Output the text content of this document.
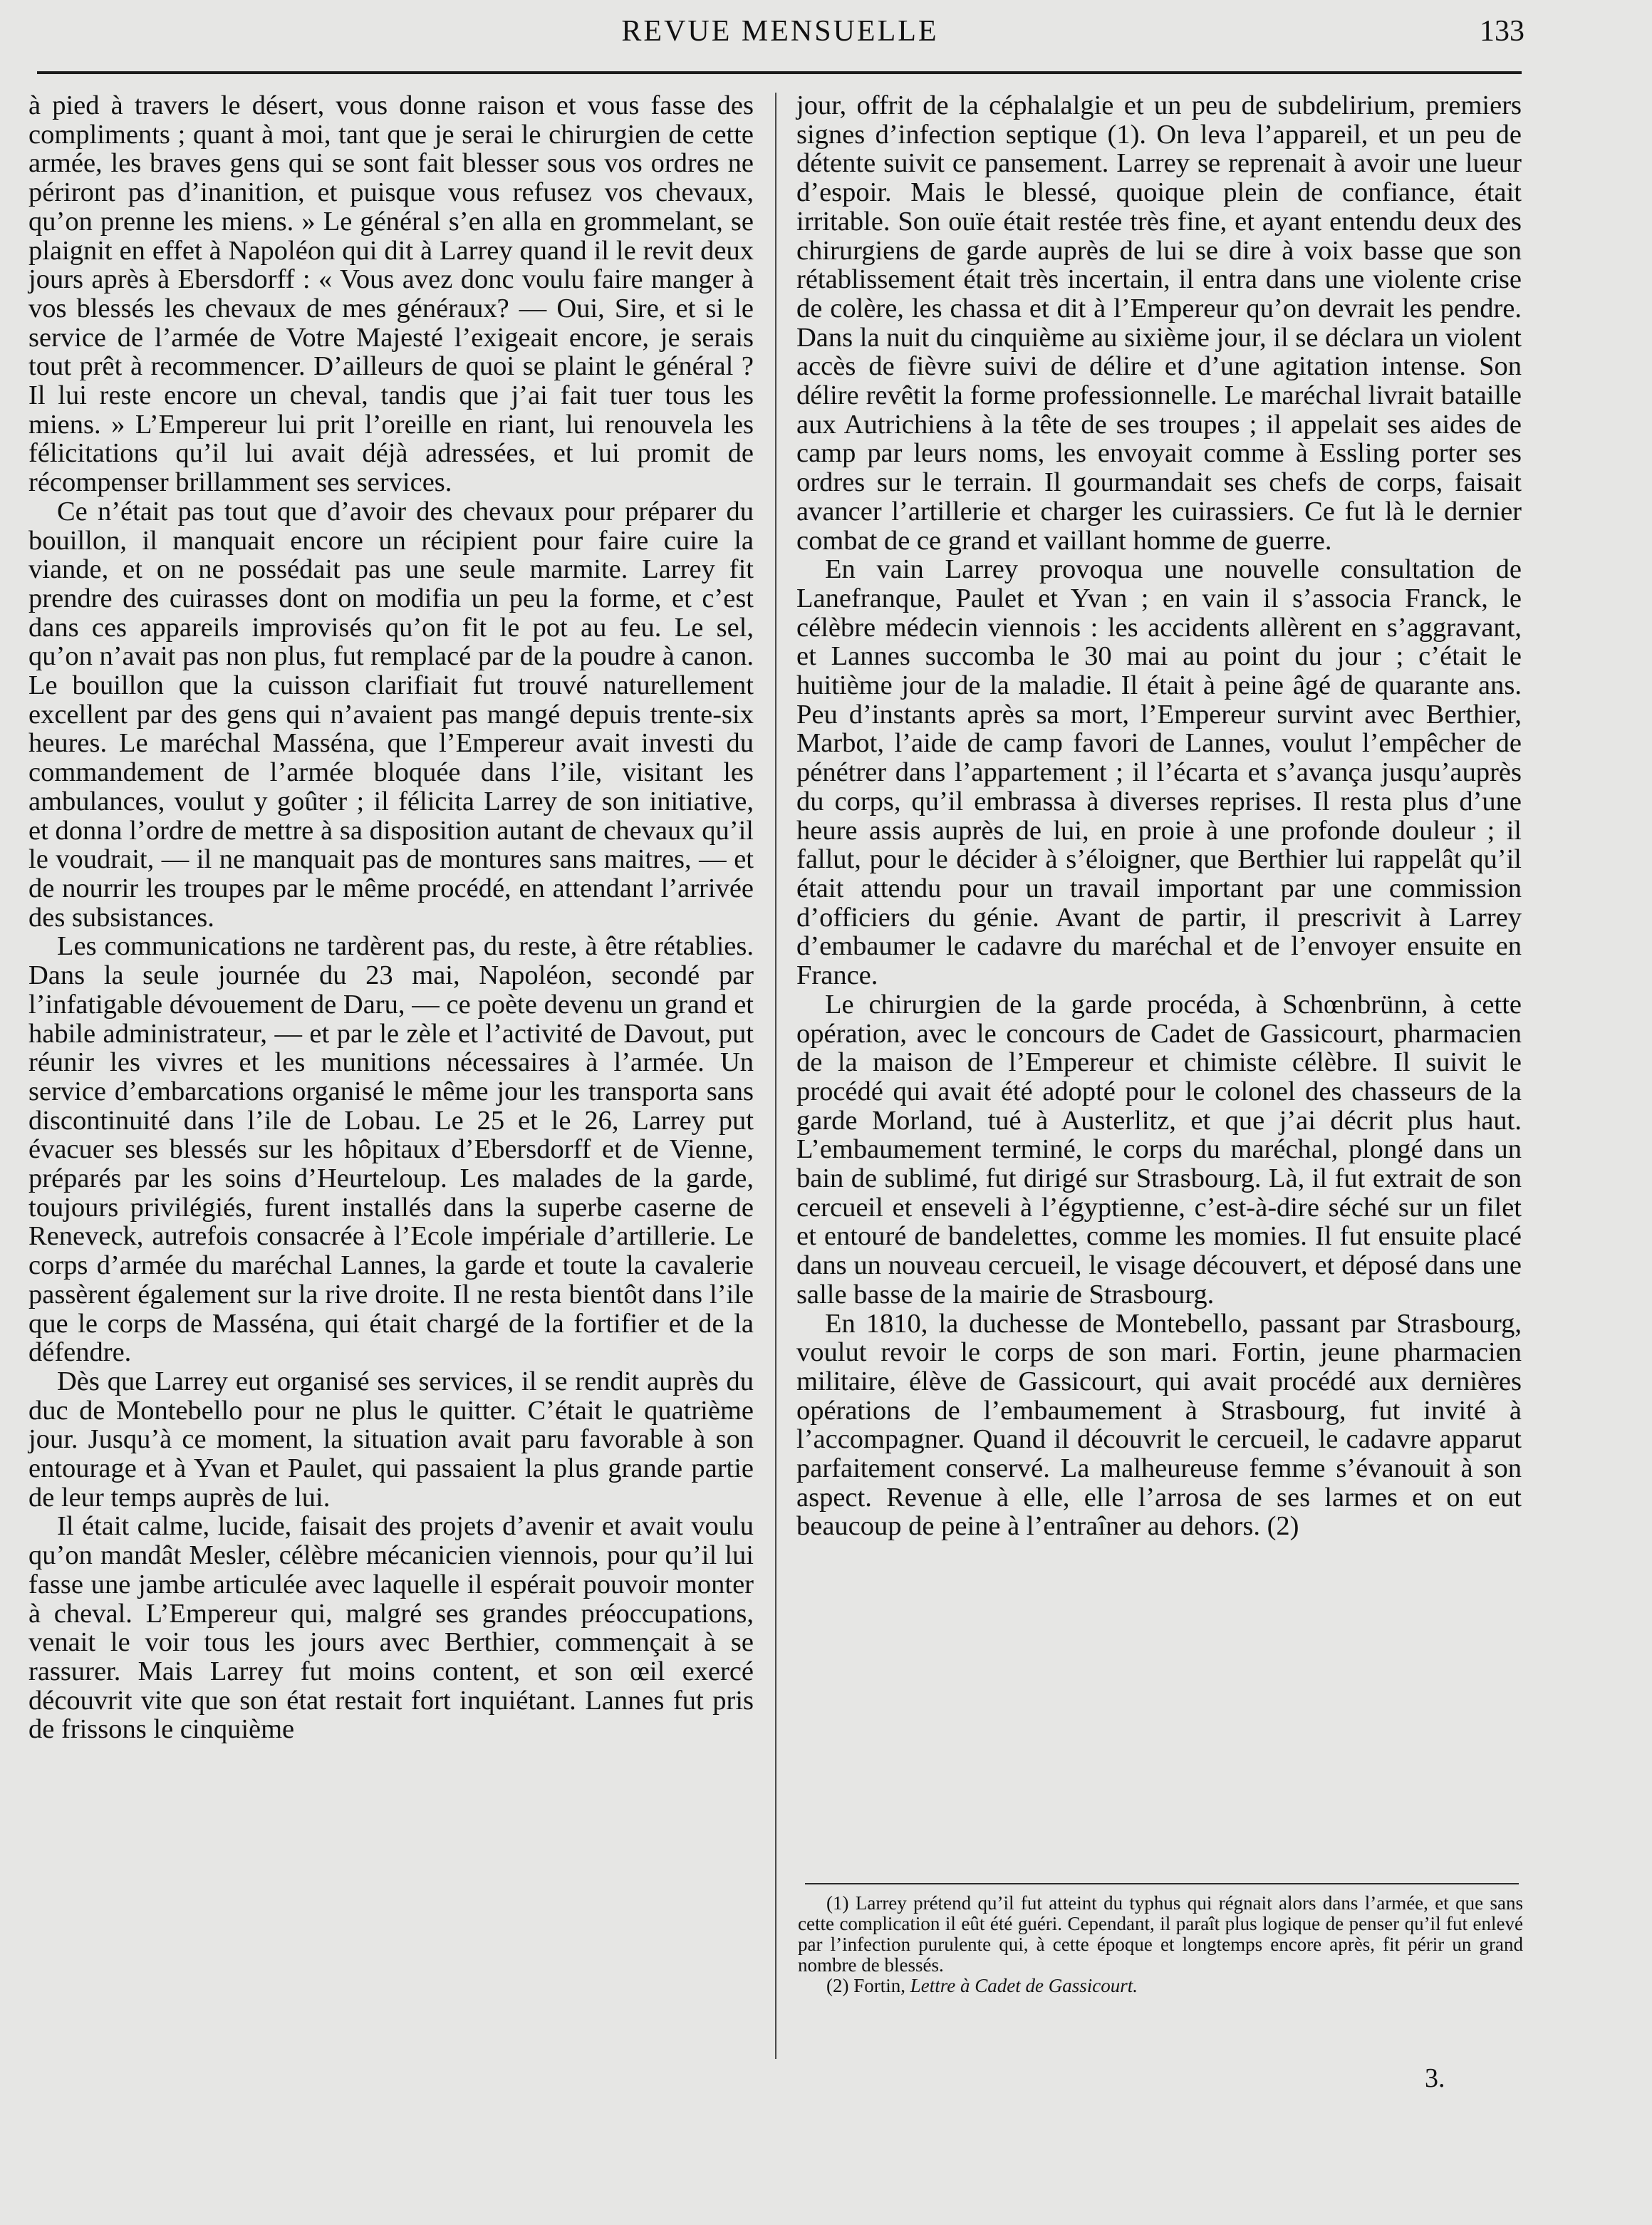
REVUE MENSUELLE	133

à pied à travers le désert, vous donne raison et vous fasse des compliments ; quant à moi, tant que je serai le chirurgien de cette armée, les braves gens qui se sont fait blesser sous vos ordres ne périront pas d’inanition, et puisque vous refusez vos chevaux, qu’on prenne les miens. » Le général s’en alla en grommelant, se plaignit en effet à Napoléon qui dit à Larrey quand il le revit deux jours après à Ebersdorff : « Vous avez donc voulu faire manger à vos blessés les chevaux de mes généraux? — Oui, Sire, et si le service de l’armée de Votre Majesté l’exigeait encore, je serais tout prêt à recommencer. D’ailleurs de quoi se plaint le général ? Il lui reste encore un cheval, tandis que j’ai fait tuer tous les miens. » L’Empereur lui prit l’oreille en riant, lui renouvela les félicitations qu’il lui avait déjà adressées, et lui promit de récompenser brillamment ses services.

Ce n’était pas tout que d’avoir des chevaux pour préparer du bouillon, il manquait encore un récipient pour faire cuire la viande, et on ne possédait pas une seule marmite. Larrey fit prendre des cuirasses dont on modifia un peu la forme, et c’est dans ces appareils improvisés qu’on fit le pot au feu. Le sel, qu’on n’avait pas non plus, fut remplacé par de la poudre à canon. Le bouillon que la cuisson clarifiait fut trouvé naturellement excellent par des gens qui n’avaient pas mangé depuis trente-six heures. Le maréchal Masséna, que l’Empereur avait investi du commandement de l’armée bloquée dans l’ile, visitant les ambulances, voulut y goûter ; il félicita Larrey de son initiative, et donna l’ordre de mettre à sa disposition autant de chevaux qu’il le voudrait, — il ne manquait pas de montures sans maitres, — et de nourrir les troupes par le même procédé, en attendant l’arrivée des subsistances.

Les communications ne tardèrent pas, du reste, à être rétablies. Dans la seule journée du 23 mai, Napoléon, secondé par l’infatigable dévouement de Daru, — ce poète devenu un grand et habile administrateur, — et par le zèle et l’activité de Davout, put réunir les vivres et les munitions nécessaires à l’armée. Un service d’embarcations organisé le même jour les transporta sans discontinuité dans l’ile de Lobau. Le 25 et le 26, Larrey put évacuer ses blessés sur les hôpitaux d’Ebersdorff et de Vienne, préparés par les soins d’Heurteloup. Les malades de la garde, toujours privilégiés, furent installés dans la superbe caserne de Reneveck, autrefois consacrée à l’Ecole impériale d’artillerie. Le corps d’armée du maréchal Lannes, la garde et toute la cavalerie passèrent également sur la rive droite. Il ne resta bientôt dans l’ile que le corps de Masséna, qui était chargé de la fortifier et de la défendre.

Dès que Larrey eut organisé ses services, il se rendit auprès du duc de Montebello pour ne plus le quitter. C’était le quatrième jour. Jusqu’à ce moment, la situation avait paru favorable à son entourage et à Yvan et Paulet, qui passaient la plus grande partie de leur temps auprès de lui.

Il était calme, lucide, faisait des projets d’avenir et avait voulu qu’on mandât Mesler, célèbre mécanicien viennois, pour qu’il lui fasse une jambe articulée avec laquelle il espérait pouvoir monter à cheval. L’Empereur qui, malgré ses grandes préoccupations, venait le voir tous les jours avec Berthier, commençait à se rassurer. Mais Larrey fut moins content, et son œil exercé découvrit vite que son état restait fort inquiétant. Lannes fut pris de frissons le cinquième

jour, offrit de la céphalalgie et un peu de subdelirium, premiers signes d’infection septique (1). On leva l’appareil, et un peu de détente suivit ce pansement. Larrey se reprenait à avoir une lueur d’espoir. Mais le blessé, quoique plein de confiance, était irritable. Son ouïe était restée très fine, et ayant entendu deux des chirurgiens de garde auprès de lui se dire à voix basse que son rétablissement était très incertain, il entra dans une violente crise de colère, les chassa et dit à l’Empereur qu’on devrait les pendre. Dans la nuit du cinquième au sixième jour, il se déclara un violent accès de fièvre suivi de délire et d’une agitation intense. Son délire revêtit la forme professionnelle. Le maréchal livrait bataille aux Autrichiens à la tête de ses troupes ; il appelait ses aides de camp par leurs noms, les envoyait comme à Essling porter ses ordres sur le terrain. Il gourmandait ses chefs de corps, faisait avancer l’artillerie et charger les cuirassiers. Ce fut là le dernier combat de ce grand et vaillant homme de guerre.

En vain Larrey provoqua une nouvelle consultation de Lanefranque, Paulet et Yvan ; en vain il s’associa Franck, le célèbre médecin viennois : les accidents allèrent en s’aggravant, et Lannes succomba le 30 mai au point du jour ; c’était le huitième jour de la maladie. Il était à peine âgé de quarante ans. Peu d’instants après sa mort, l’Empereur survint avec Berthier, Marbot, l’aide de camp favori de Lannes, voulut l’empêcher de pénétrer dans l’appartement ; il l’écarta et s’avança jusqu’auprès du corps, qu’il embrassa à diverses reprises. Il resta plus d’une heure assis auprès de lui, en proie à une profonde douleur ; il fallut, pour le décider à s’éloigner, que Berthier lui rappelât qu’il était attendu pour un travail important par une commission d’officiers du génie. Avant de partir, il prescrivit à Larrey d’embaumer le cadavre du maréchal et de l’envoyer ensuite en France.

Le chirurgien de la garde procéda, à Schœnbrünn, à cette opération, avec le concours de Cadet de Gassicourt, pharmacien de la maison de l’Empereur et chimiste célèbre. Il suivit le procédé qui avait été adopté pour le colonel des chasseurs de la garde Morland, tué à Austerlitz, et que j’ai décrit plus haut. L’embaumement terminé, le corps du maréchal, plongé dans un bain de sublimé, fut dirigé sur Strasbourg. Là, il fut extrait de son cercueil et enseveli à l’égyptienne, c’est-à-dire séché sur un filet et entouré de bandelettes, comme les momies. Il fut ensuite placé dans un nouveau cercueil, le visage découvert, et déposé dans une salle basse de la mairie de Strasbourg.

En 1810, la duchesse de Montebello, passant par Strasbourg, voulut revoir le corps de son mari. Fortin, jeune pharmacien militaire, élève de Gassicourt, qui avait procédé aux dernières opérations de l’embaumement à Strasbourg, fut invité à l’accompagner. Quand il découvrit le cercueil, le cadavre apparut parfaitement conservé. La malheureuse femme s’évanouit à son aspect. Revenue à elle, elle l’arrosa de ses larmes et on eut beaucoup de peine à l’entraîner au dehors. (2)

(1) Larrey prétend qu’il fut atteint du typhus qui régnait alors dans l’armée, et que sans cette complication il eût été guéri. Cependant, il paraît plus logique de penser qu’il fut enlevé par l’infection purulente qui, à cette époque et longtemps encore après, fit périr un grand nombre de blessés.

(2) Fortin, Lettre à Cadet de Gassicourt.

3.
